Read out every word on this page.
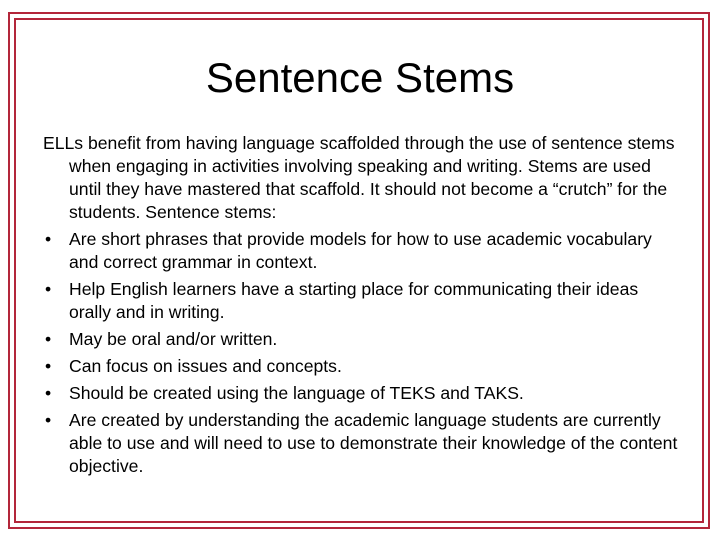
Sentence Stems

ELLs benefit from having language scaffolded through the use of sentence stems when engaging in activities involving speaking and writing. Stems are used until they have mastered that scaffold. It should not become a “crutch” for the students. Sentence stems:

• Are short phrases that provide models for how to use academic vocabulary and correct grammar in context.
• Help English learners have a starting place for communicating their ideas orally and in writing.
• May be oral and/or written.
• Can focus on issues and concepts.
• Should be created using the language of TEKS and TAKS.
• Are created by understanding the academic language students are currently able to use and will need to use to demonstrate their knowledge of the content objective.
